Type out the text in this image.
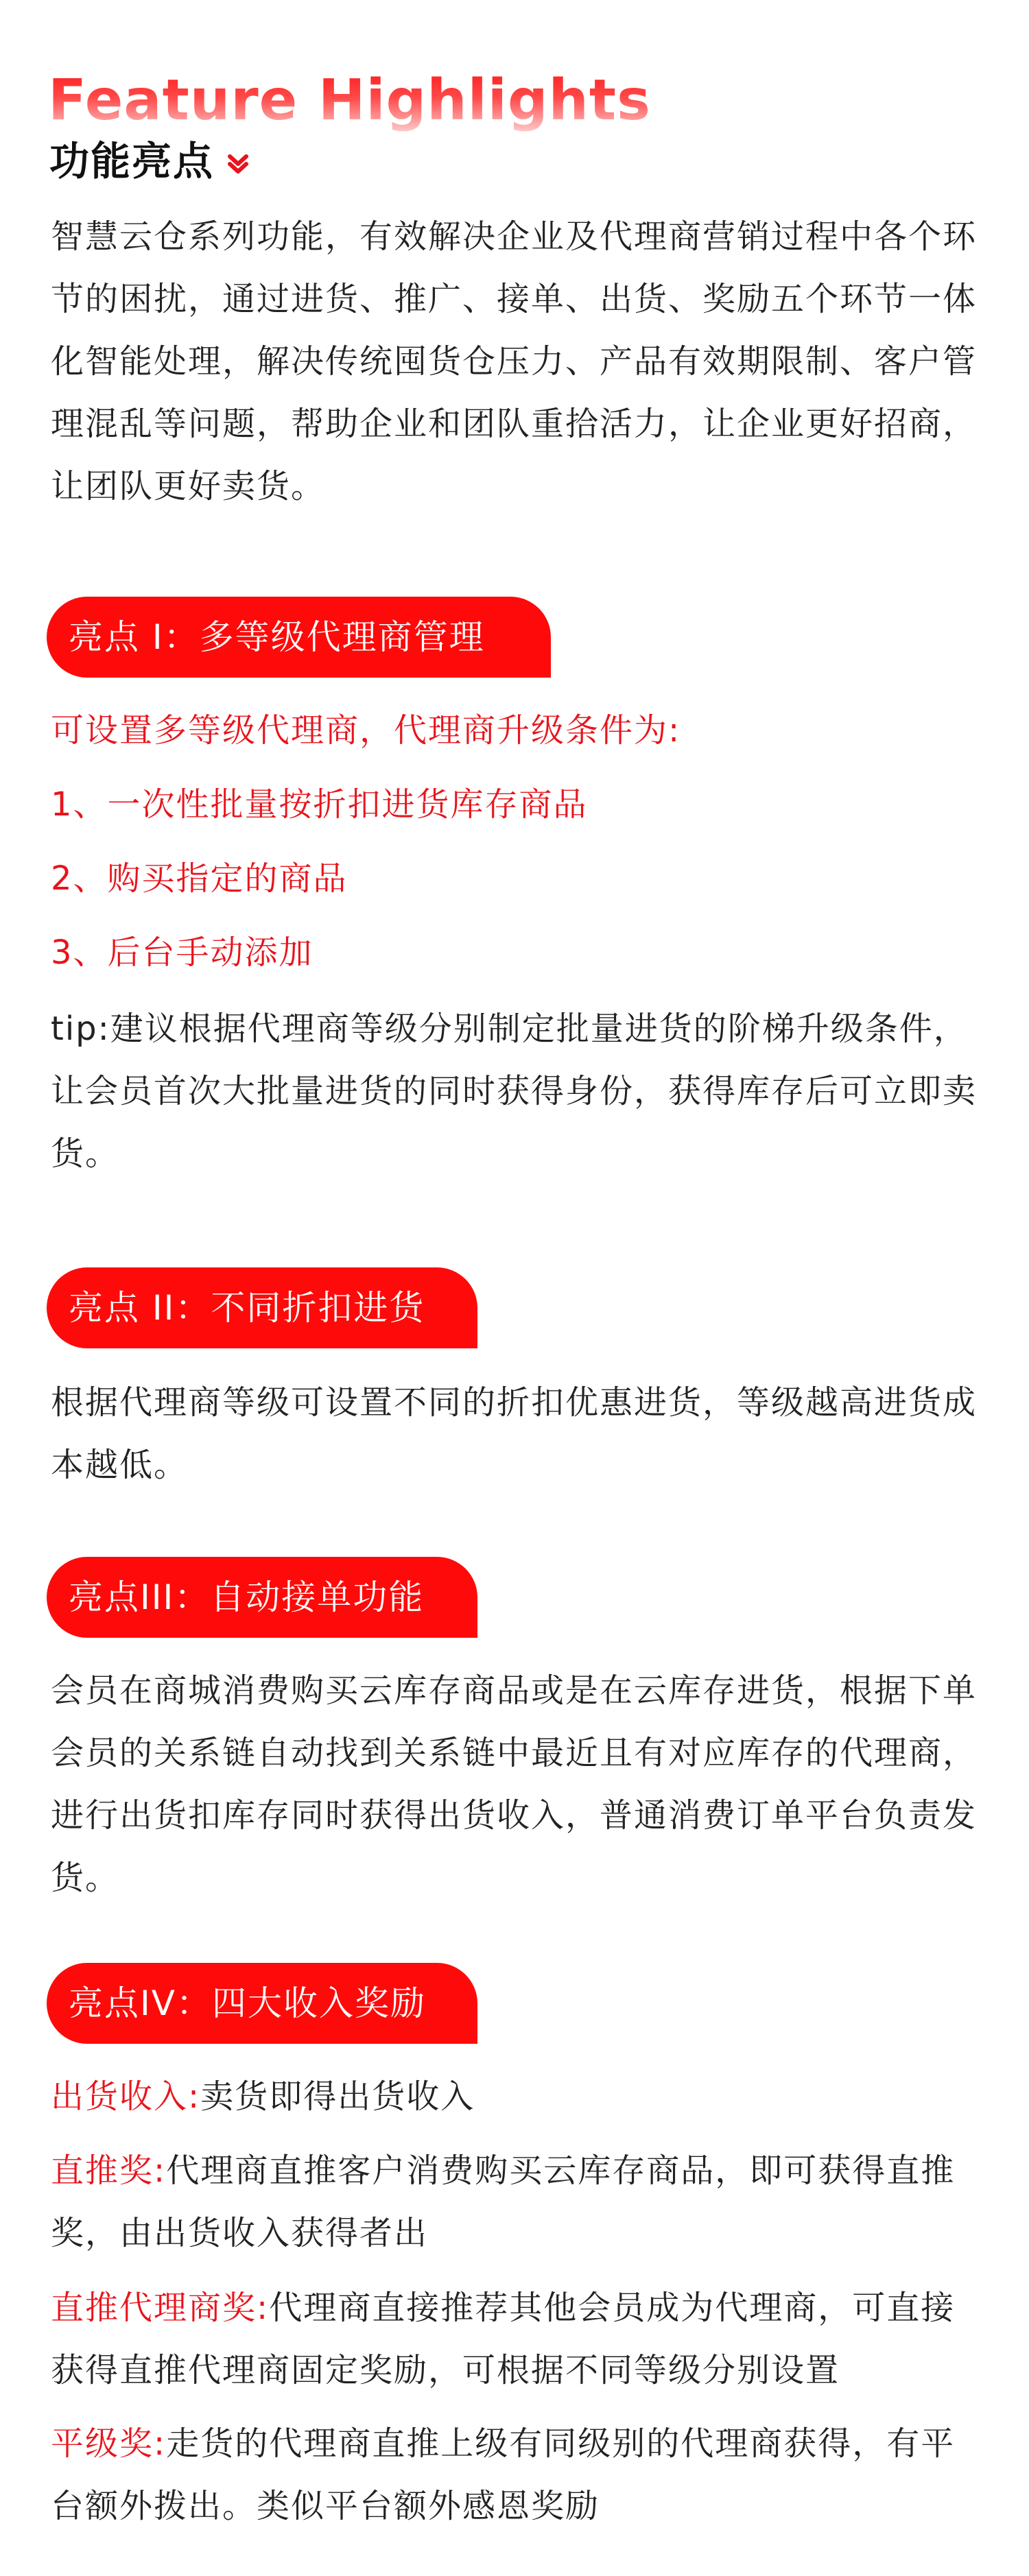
Feature Highlights
功能亮点

智慧云仓系列功能，有效解决企业及代理商营销过程中各个环节的困扰，通过进货、推广、接单、出货、奖励五个环节一体化智能处理，解决传统囤货仓压力、产品有效期限制、客户管理混乱等问题，帮助企业和团队重拾活力，让企业更好招商，让团队更好卖货。

亮点 I：多等级代理商管理

可设置多等级代理商，代理商升级条件为:

1、一次性批量按折扣进货库存商品

2、购买指定的商品

3、后台手动添加

tip:建议根据代理商等级分别制定批量进货的阶梯升级条件，让会员首次大批量进货的同时获得身份，获得库存后可立即卖货。

亮点 II：不同折扣进货

根据代理商等级可设置不同的折扣优惠进货，等级越高进货成本越低。

亮点III：自动接单功能

会员在商城消费购买云库存商品或是在云库存进货，根据下单会员的关系链自动找到关系链中最近且有对应库存的代理商，进行出货扣库存同时获得出货收入，普通消费订单平台负责发货。

亮点IV：四大收入奖励

出货收入:卖货即得出货收入

直推奖:代理商直推客户消费购买云库存商品，即可获得直推奖，由出货收入获得者出

直推代理商奖:代理商直接推荐其他会员成为代理商，可直接获得直推代理商固定奖励，可根据不同等级分别设置

平级奖:走货的代理商直推上级有同级别的代理商获得，有平台额外拨出。类似平台额外感恩奖励
